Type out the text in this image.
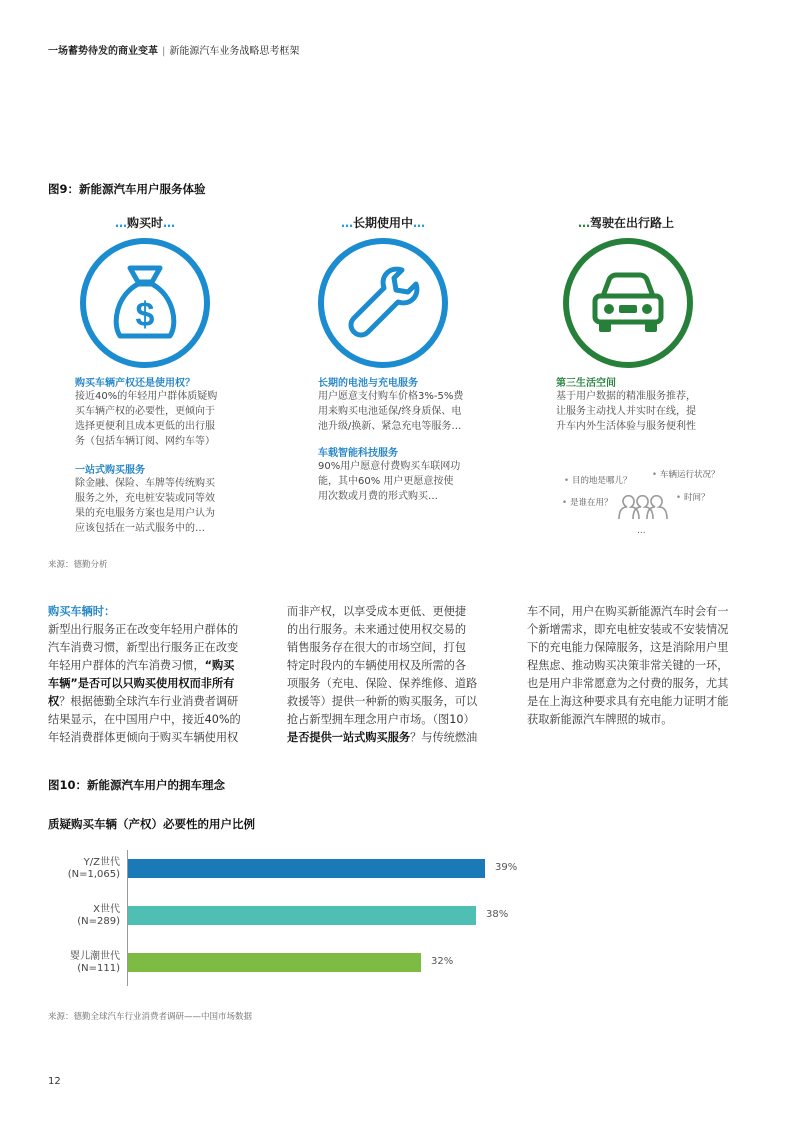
一场蓄势待发的商业变革 | 新能源汽车业务战略思考框架
图9：新能源汽车用户服务体验
…购买时…	…长期使用中…	…驾驶在出行路上
$
购买车辆产权还是使用权？
接近40%的年轻用户群体质疑购
买车辆产权的必要性，更倾向于
选择更便利且成本更低的出行服
务（包括车辆订阅、网约车等）
一站式购买服务
除金融、保险、车牌等传统购买
服务之外，充电桩安装或同等效
果的充电服务方案也是用户认为
应该包括在一站式服务中的…
长期的电池与充电服务
用户愿意支付购车价格3%-5%费
用来购买电池延保/终身质保、电
池升级/换新、紧急充电等服务…
车载智能科技服务
90%用户愿意付费购买车联网功
能，其中60% 用户更愿意按使
用次数或月费的形式购买…
第三生活空间
基于用户数据的精准服务推荐，
让服务主动找人并实时在线，提
升车内外生活体验与服务便利性
• 目的地是哪儿？
• 车辆运行状况？
• 是谁在用？	• 时间？
…
来源：德勤分析
购买车辆时：
新型出行服务正在改变年轻用户群体的
汽车消费习惯，新型出行服务正在改变
年轻用户群体的汽车消费习惯，“购买
车辆”是否可以只购买使用权而非所有
权？根据德勤全球汽车行业消费者调研
结果显示，在中国用户中，接近40%的
年轻消费群体更倾向于购买车辆使用权
而非产权，以享受成本更低、更便捷
的出行服务。未来通过使用权交易的
销售服务存在很大的市场空间，打包
特定时段内的车辆使用权及所需的各
项服务（充电、保险、保养维修、道路
救援等）提供一种新的购买服务，可以
抢占新型拥车理念用户市场。（图10）
是否提供一站式购买服务？与传统燃油
车不同，用户在购买新能源汽车时会有一
个新增需求，即充电桩安装或不安装情况
下的充电能力保障服务，这是消除用户里
程焦虑、推动购买决策非常关键的一环，
也是用户非常愿意为之付费的服务，尤其
是在上海这种要求具有充电能力证明才能
获取新能源汽车牌照的城市。
图10：新能源汽车用户的拥车理念
质疑购买车辆（产权）必要性的用户比例
Y/Z世代
(N=1,065)
39%
X世代
(N=289)
38%
婴儿潮世代
(N=111)
32%
来源：德勤全球汽车行业消费者调研——中国市场数据
12
